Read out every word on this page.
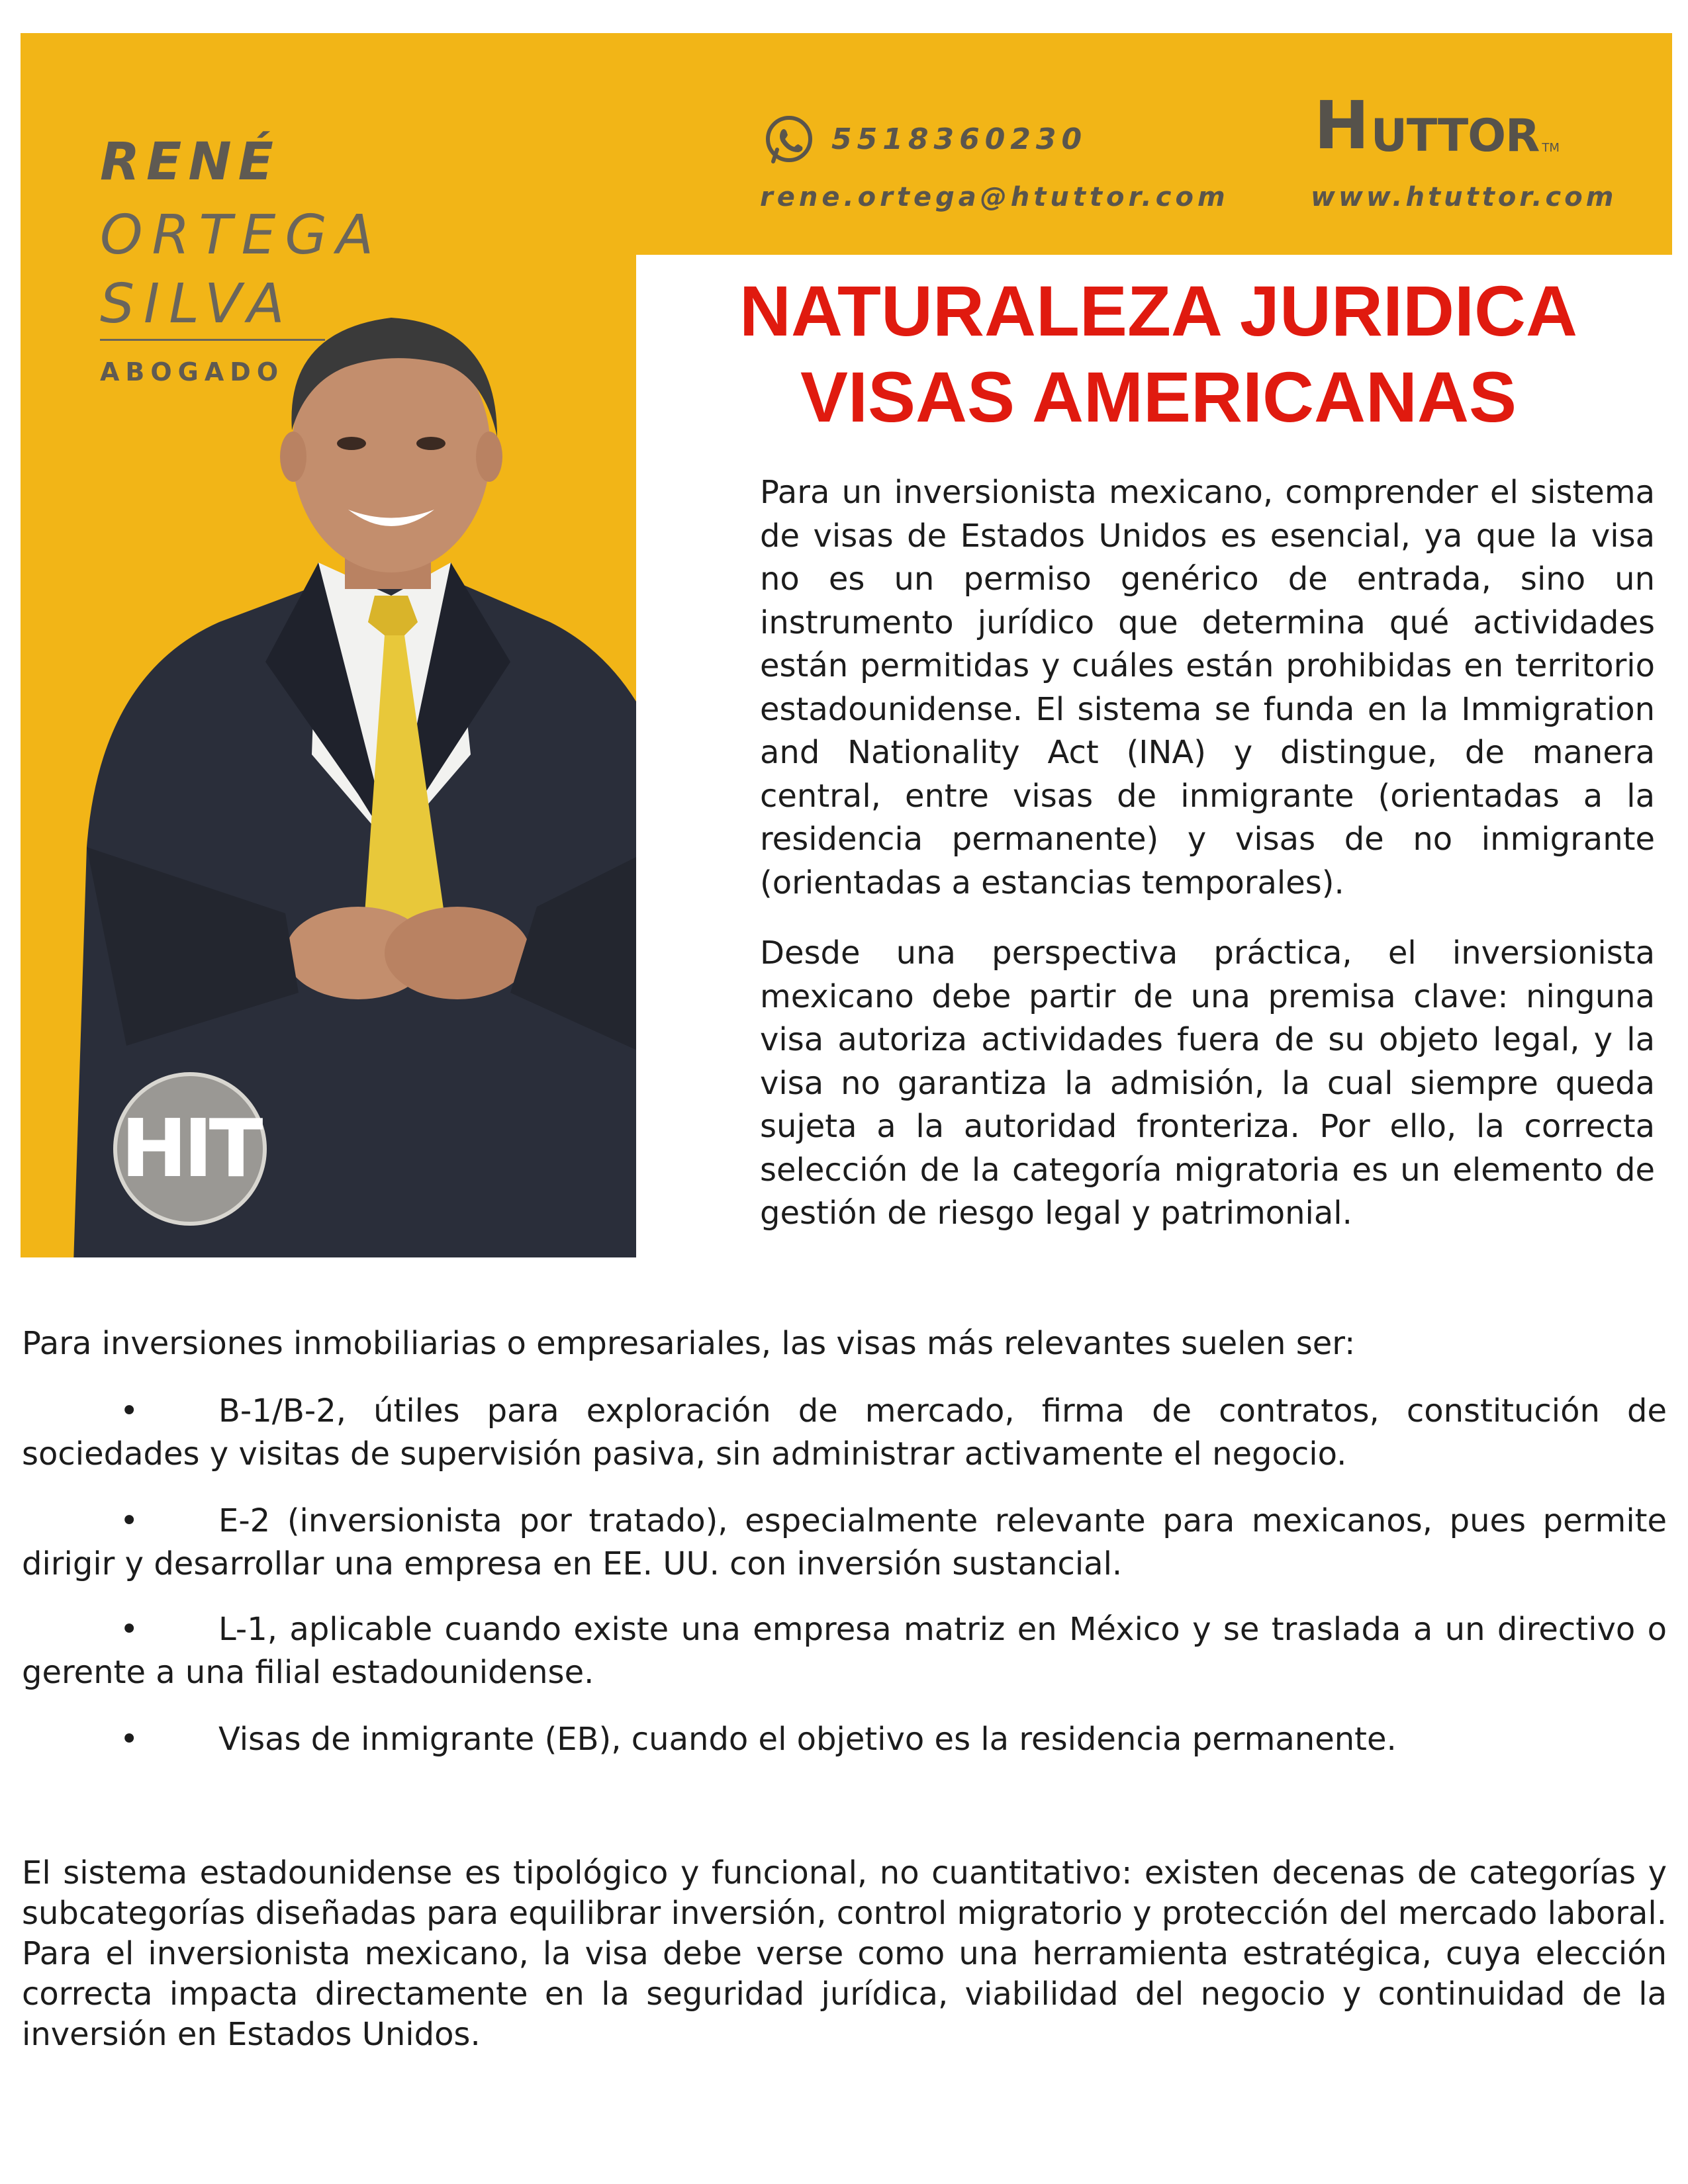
RENÉ
ORTEGA
SILVA
ABOGADO
HIT
5518360230
rene.ortega@htuttor.com
H UTTOR TM
www.htuttor.com
NATURALEZA JURIDICA
VISAS AMERICANAS
Para un inversionista mexicano, comprender el sistema de visas de Estados Unidos es esencial, ya que la visa no es un permiso genérico de entrada, sino un instrumento jurídico que determina qué actividades están permitidas y cuáles están prohibidas en territorio estadounidense. El sistema se funda en la Immigration and Nationality Act (INA) y distingue, de manera central, entre visas de inmigrante (orientadas a la residencia permanente) y visas de no inmigrante (orientadas a estancias temporales).
Desde una perspectiva práctica, el inversionista mexicano debe partir de una premisa clave: ninguna visa autoriza actividades fuera de su objeto legal, y la visa no garantiza la admisión, la cual siempre queda sujeta a la autoridad fronteriza. Por ello, la correcta selección de la categoría migratoria es un elemento de gestión de riesgo legal y patrimonial.
Para inversiones inmobiliarias o empresariales, las visas más relevantes suelen ser:
•	B-1/B-2, útiles para exploración de mercado, firma de contratos, constitución de sociedades y visitas de supervisión pasiva, sin administrar activamente el negocio.
•	E-2 (inversionista por tratado), especialmente relevante para mexicanos, pues permite dirigir y desarrollar una empresa en EE. UU. con inversión sustancial.
•	L-1, aplicable cuando existe una empresa matriz en México y se traslada a un directivo o gerente a una filial estadounidense.
•	Visas de inmigrante (EB), cuando el objetivo es la residencia permanente.
El sistema estadounidense es tipológico y funcional, no cuantitativo: existen decenas de categorías y subcategorías diseñadas para equilibrar inversión, control migratorio y protección del mercado laboral. Para el inversionista mexicano, la visa debe verse como una herramienta estratégica, cuya elección correcta impacta directamente en la seguridad jurídica, viabilidad del negocio y continuidad de la inversión en Estados Unidos.
